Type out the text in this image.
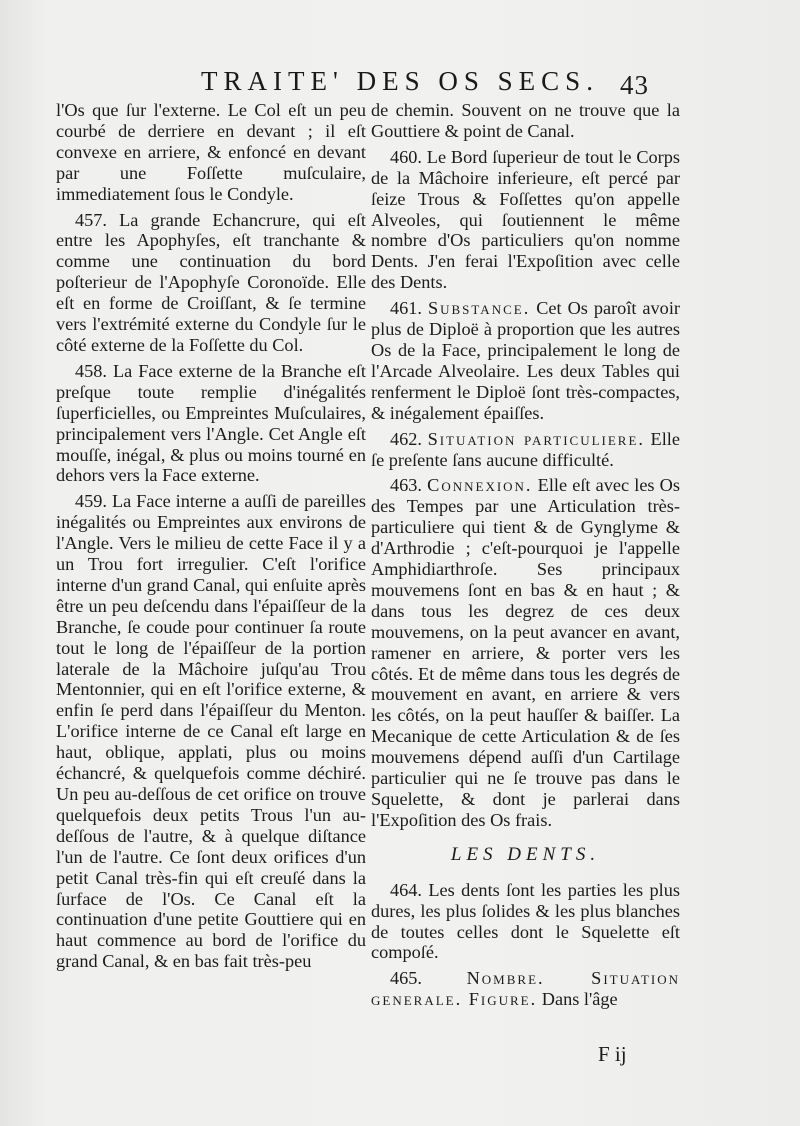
TRAITE' DES OS SECS. 43

l'Os que ſur l'externe. Le Col eſt un peu courbé de derriere en devant ; il eſt convexe en arriere, & enfoncé en devant par une Foſſette muſculaire, immediatement ſous le Condyle.

457. La grande Echancrure, qui eſt entre les Apophyſes, eſt tranchante & comme une continuation du bord poſterieur de l'Apophyſe Coronoïde. Elle eſt en forme de Croiſſant, & ſe termine vers l'extrémité externe du Condyle ſur le côté externe de la Foſſette du Col.

458. La Face externe de la Branche eſt preſque toute remplie d'inégalités ſuperficielles, ou Empreintes Muſculaires, principalement vers l'Angle. Cet Angle eſt mouſſe, inégal, & plus ou moins tourné en dehors vers la Face externe.

459. La Face interne a auſſi de pareilles inégalités ou Empreintes aux environs de l'Angle. Vers le milieu de cette Face il y a un Trou fort irregulier. C'eſt l'orifice interne d'un grand Canal, qui enſuite après être un peu deſcendu dans l'épaiſſeur de la Branche, ſe coude pour continuer ſa route tout le long de l'épaiſſeur de la portion laterale de la Mâchoire juſqu'au Trou Mentonnier, qui en eſt l'orifice externe, & enfin ſe perd dans l'épaiſſeur du Menton. L'orifice interne de ce Canal eſt large en haut, oblique, applati, plus ou moins échancré, & quelquefois comme déchiré. Un peu au-deſſous de cet orifice on trouve quelquefois deux petits Trous l'un au-deſſous de l'autre, & à quelque diſtance l'un de l'autre. Ce ſont deux orifices d'un petit Canal très-fin qui eſt creuſé dans la ſurface de l'Os. Ce Canal eſt la continuation d'une petite Gouttiere qui en haut commence au bord de l'orifice du grand Canal, & en bas fait très-peu

de chemin. Souvent on ne trouve que la Gouttiere & point de Canal.

460. Le Bord ſuperieur de tout le Corps de la Mâchoire inferieure, eſt percé par ſeize Trous & Foſſettes qu'on appelle Alveoles, qui ſoutiennent le même nombre d'Os particuliers qu'on nomme Dents. J'en ferai l'Expoſition avec celle des Dents.

461. Substance. Cet Os paroît avoir plus de Diploë à proportion que les autres Os de la Face, principalement le long de l'Arcade Alveolaire. Les deux Tables qui renferment le Diploë ſont très-compactes, & inégalement épaiſſes.

462. Situation particuliere. Elle ſe preſente ſans aucune difficulté.

463. Connexion. Elle eſt avec les Os des Tempes par une Articulation très-particuliere qui tient & de Gynglyme & d'Arthrodie ; c'eſt-pourquoi je l'appelle Amphidiarthroſe. Ses principaux mouvemens ſont en bas & en haut ; & dans tous les degrez de ces deux mouvemens, on la peut avancer en avant, ramener en arriere, & porter vers les côtés. Et de même dans tous les degrés de mouvement en avant, en arriere & vers les côtés, on la peut hauſſer & baiſſer. La Mecanique de cette Articulation & de ſes mouvemens dépend auſſi d'un Cartilage particulier qui ne ſe trouve pas dans le Squelette, & dont je parlerai dans l'Expoſition des Os frais.

LES DENTS.

464. Les dents ſont les parties les plus dures, les plus ſolides & les plus blanches de toutes celles dont le Squelette eſt compoſé.

465. Nombre. Situation generale. Figure. Dans l'âge

F ij
